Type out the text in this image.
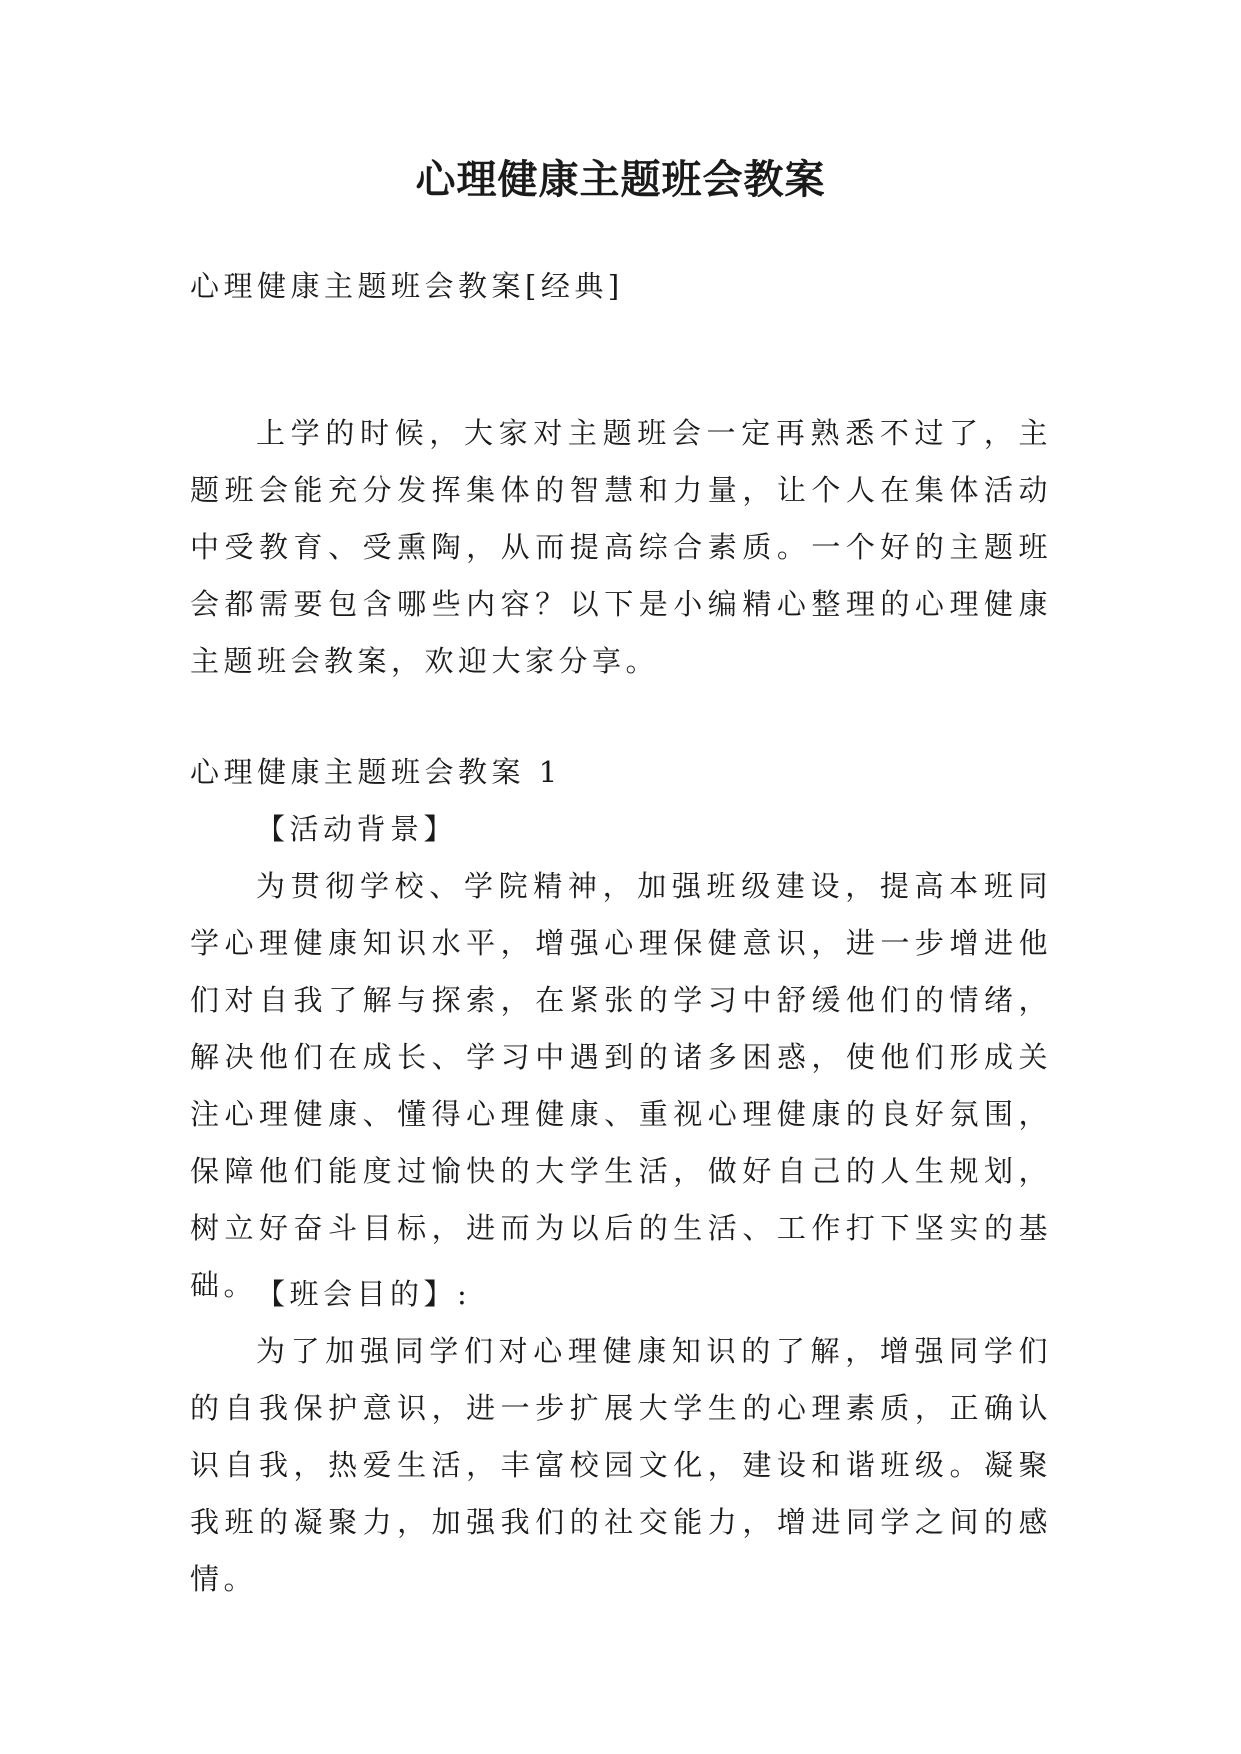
心理健康主题班会教案

心理健康主题班会教案[经典]

上学的时候，大家对主题班会一定再熟悉不过了，主题班会能充分发挥集体的智慧和力量，让个人在集体活动中受教育、受熏陶，从而提高综合素质。一个好的主题班会都需要包含哪些内容？以下是小编精心整理的心理健康主题班会教案，欢迎大家分享。

心理健康主题班会教案 1

【活动背景】

为贯彻学校、学院精神，加强班级建设，提高本班同学心理健康知识水平，增强心理保健意识，进一步增进他们对自我了解与探索，在紧张的学习中舒缓他们的情绪，解决他们在成长、学习中遇到的诸多困惑，使他们形成关注心理健康、懂得心理健康、重视心理健康的良好氛围，保障他们能度过愉快的大学生活，做好自己的人生规划，树立好奋斗目标，进而为以后的生活、工作打下坚实的基础。

【班会目的】:

为了加强同学们对心理健康知识的了解，增强同学们的自我保护意识，进一步扩展大学生的心理素质，正确认识自我，热爱生活，丰富校园文化，建设和谐班级。凝聚我班的凝聚力，加强我们的社交能力，增进同学之间的感情。
